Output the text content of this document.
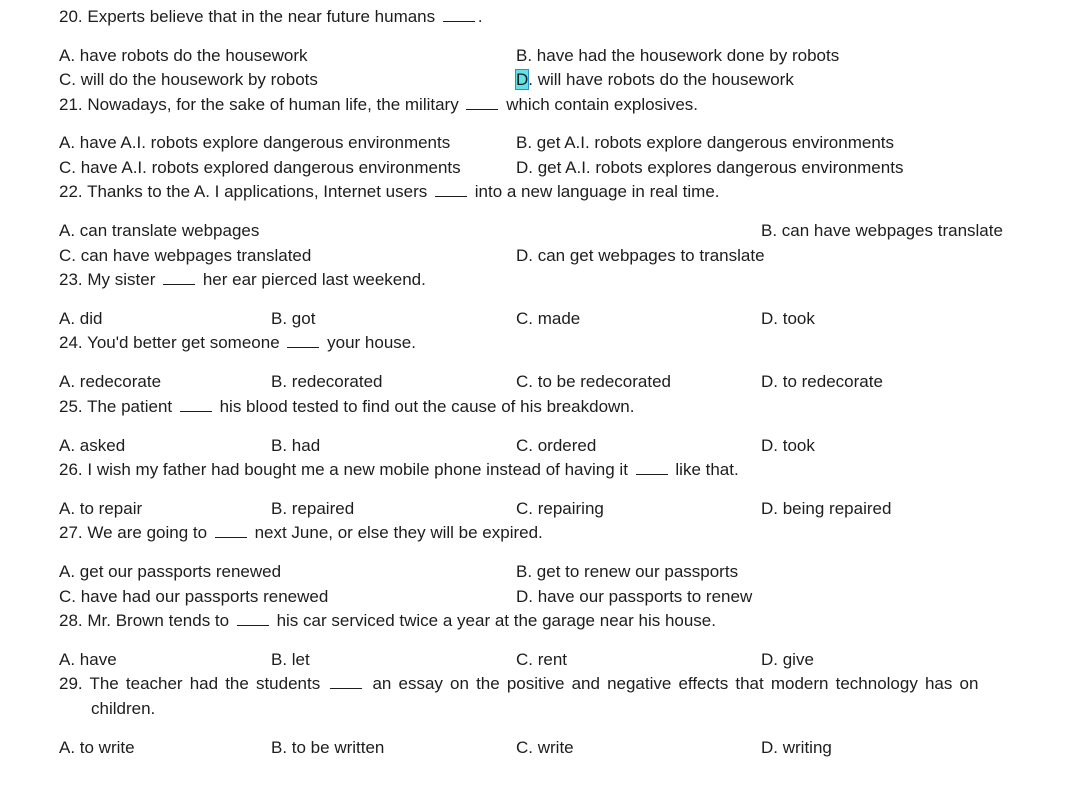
20. Experts believe that in the near future humans	.
A. have robots do the housework	B. have had the housework done by robots
C. will do the housework by robots	D. will have robots do the housework
21. Nowadays, for the sake of human life, the military	which contain explosives.
A. have A.I. robots explore dangerous environments	B. get A.I. robots explore dangerous environments
C. have A.I. robots explored dangerous environments	D. get A.I. robots explores dangerous environments
22. Thanks to the A. I applications, Internet users	into a new language in real time.
A. can translate webpages	B. can have webpages translate
C. can have webpages translated	D. can get webpages to translate
23. My sister	her ear pierced last weekend.
A. did	B. got	C. made	D. took
24. You'd better get someone	your house.
A. redecorate	B. redecorated	C. to be redecorated	D. to redecorate
25. The patient	his blood tested to find out the cause of his breakdown.
A. asked	B. had	C. ordered	D. took
26. I wish my father had bought me a new mobile phone instead of having it	like that.
A. to repair	B. repaired	C. repairing	D. being repaired
27. We are going to	next June, or else they will be expired.
A. get our passports renewed	B. get to renew our passports
C. have had our passports renewed	D. have our passports to renew
28. Mr. Brown tends to	his car serviced twice a year at the garage near his house.
A. have	B. let	C. rent	D. give
29. The teacher had the students	an essay on the positive and negative effects that modern technology has on
children.
A. to write	B. to be written	C. write	D. writing
